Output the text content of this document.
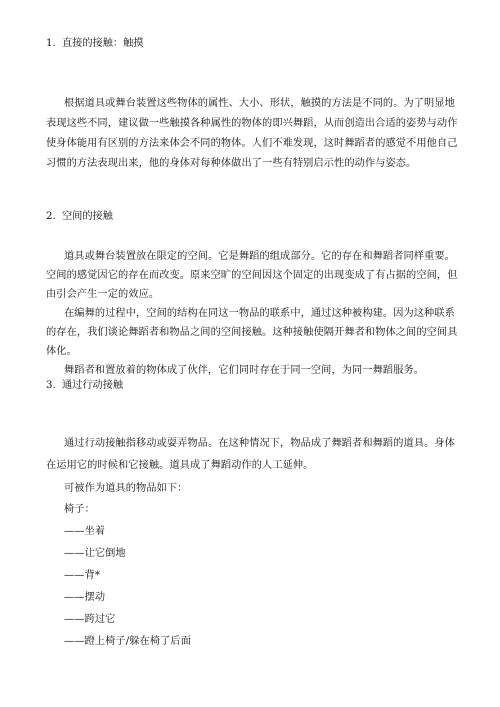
1. 直接的接触：触摸
根据道具或舞台装置这些物体的属性、大小、形状，触摸的方法是不同的。为了明显地
表现这些不同，建议做一些触摸各种属性的物体的即兴舞蹈，从而创造出合适的姿势与动作
使身体能用有区别的方法来体会不同的物体。人们不难发现，这时舞蹈者的感觉不用他自己
习惯的方法表现出来，他的身体对每种体做出了一些有特别启示性的动作与姿态。
2. 空间的接触
道具或舞台装置放在限定的空间。它是舞蹈的组成部分。它的存在和舞蹈者同样重要。
空间的感觉因它的存在而改变。原来空旷的空间因这个固定的出现变成了有占据的空间，但
由引会产生一定的效应。
在编舞的过程中，空间的结构在同这一物品的联系中，通过这种被构建。因为这种联系
的存在，我们谈论舞蹈者和物品之间的空间接触。这种接触使隔开舞者和物体之间的空间具
体化。
舞蹈者和置放着的物体成了伙伴，它们同时存在于同一空间，为同一舞蹈服务。
3. 通过行动接触
通过行动接触指移动或耍弄物品。在这种情况下，物品成了舞蹈者和舞蹈的道具。身体
在运用它的时候和它接触。道具成了舞蹈动作的人工延伸。
可被作为道具的物品如下：
椅子：
——坐着
——让它倒地
——背*
——摆动
——跨过它
——蹬上椅子/躲在椅了后面
